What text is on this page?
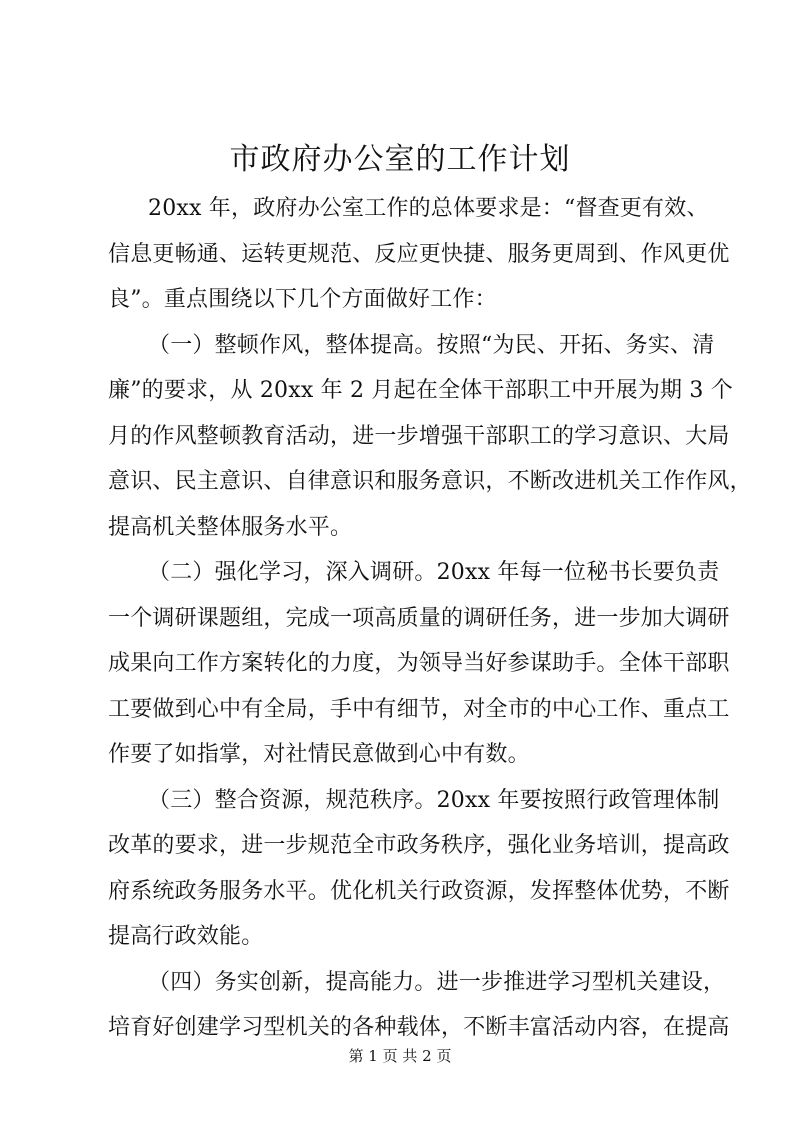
市政府办公室的工作计划
20xx 年，政府办公室工作的总体要求是：“督查更有效、
信息更畅通、运转更规范、反应更快捷、服务更周到、作风更优
良”。重点围绕以下几个方面做好工作：
（一）整顿作风，整体提高。按照“为民、开拓、务实、清
廉”的要求，从 20xx 年 2 月起在全体干部职工中开展为期 3 个
月的作风整顿教育活动，进一步增强干部职工的学习意识、大局
意识、民主意识、自律意识和服务意识，不断改进机关工作作风，
提高机关整体服务水平。
（二）强化学习，深入调研。20xx 年每一位秘书长要负责
一个调研课题组，完成一项高质量的调研任务，进一步加大调研
成果向工作方案转化的力度，为领导当好参谋助手。全体干部职
工要做到心中有全局，手中有细节，对全市的中心工作、重点工
作要了如指掌，对社情民意做到心中有数。
（三）整合资源，规范秩序。20xx 年要按照行政管理体制
改革的要求，进一步规范全市政务秩序，强化业务培训，提高政
府系统政务服务水平。优化机关行政资源，发挥整体优势，不断
提高行政效能。
（四）务实创新，提高能力。进一步推进学习型机关建设，
培育好创建学习型机关的各种载体，不断丰富活动内容，在提高
第 1 页 共 2 页
